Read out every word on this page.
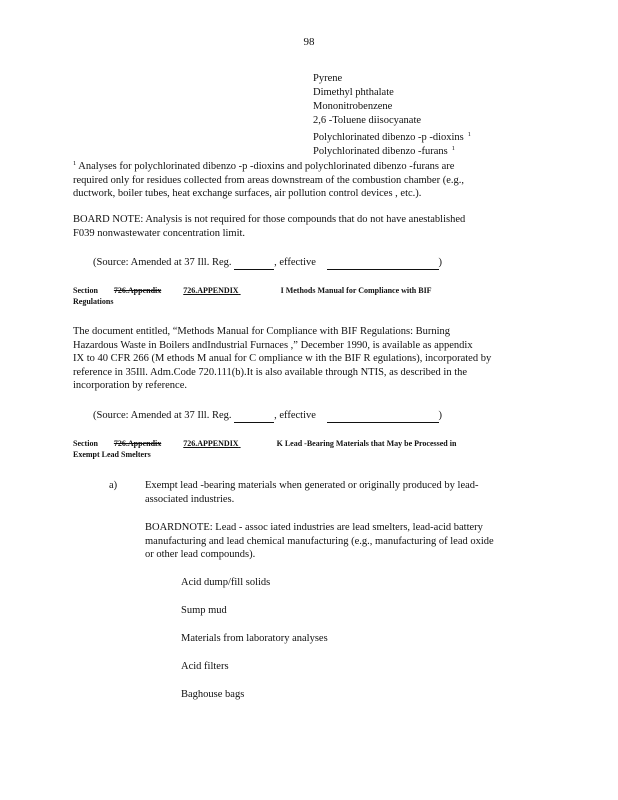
98
Pyrene
Dimethyl phthalate
Mononitrobenzene
2,6 -Toluene diisocyanate
Polychlorinated dibenzo -p -dioxins $^1$
Polychlorinated dibenzo -furans $^1$
$^1$ Analyses for polychlorinated dibenzo -p -dioxins and polychlorinated dibenzo -furans are
required only for residues collected from areas downstream of the combustion chamber (e.g.,
ductwork, boiler tubes, heat exchange surfaces, air pollution control devices , etc.).
BOARD NOTE: Analysis is not required for those compounds that do not have anestablished
F039 nonwastewater concentration limit.
(Source: Amended at 37 Ill. Reg.	, effective	)
Section 726.Appendix	726.APPENDIX	I Methods Manual for Compliance with BIF
Regulations
The document entitled, “Methods Manual for Compliance with BIF Regulations: Burning
Hazardous Waste in Boilers andIndustrial Furnaces ,” December 1990, is available as appendix
IX to 40 CFR 266 (M ethods M anual for C ompliance w ith the BIF R egulations), incorporated by
reference in 35Ill. Adm.Code 720.111(b).It is also available through NTIS, as described in the
incorporation by reference.
(Source: Amended at 37 Ill. Reg.	, effective	)
Section 726.Appendix	726.APPENDIX	K Lead -Bearing Materials that May be Processed in
Exempt Lead Smelters
a)	Exempt lead -bearing materials when generated or originally produced by lead-
associated industries.
BOARDNOTE: Lead - assoc iated industries are lead smelters, lead-acid battery
manufacturing and lead chemical manufacturing (e.g., manufacturing of lead oxide
or other lead compounds).
Acid dump/fill solids
Sump mud
Materials from laboratory analyses
Acid filters
Baghouse bags
